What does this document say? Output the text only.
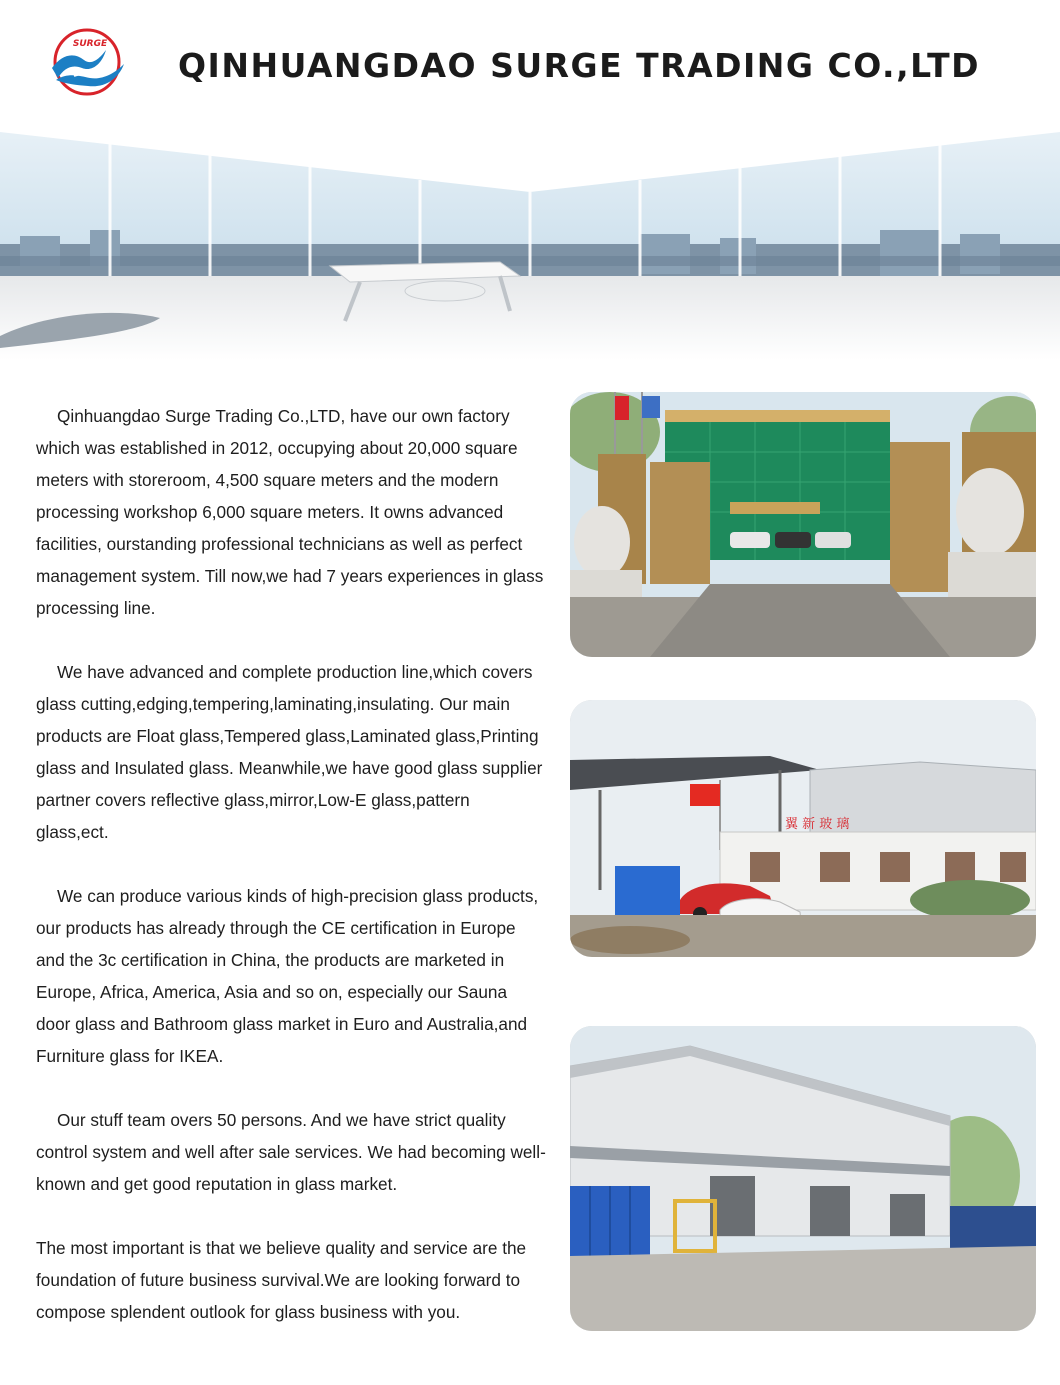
SURGE
QINHUANGDAO SURGE TRADING CO.,LTD

Qinhuangdao Surge Trading Co.,LTD, have our own factory which was established in 2012, occupying about 20,000 square meters with storeroom, 4,500 square meters and the modern processing workshop 6,000 square meters. It owns advanced facilities, ourstanding professional technicians as well as perfect management system. Till now,we had 7 years experiences in glass processing line.

We have advanced and complete production line,which covers glass cutting,edging,tempering,laminating,insulating. Our main products are Float glass,Tempered glass,Laminated glass,Printing glass and Insulated glass. Meanwhile,we have good glass supplier partner covers reflective glass,mirror,Low-E glass,pattern glass,ect.

We can produce various kinds of high-precision glass products, our products has already through the CE certification in Europe and the 3c certification in China, the products are marketed in Europe, Africa, America, Asia and so on, especially our Sauna door glass and Bathroom glass market in Euro and Australia,and Furniture glass for IKEA.

Our stuff team overs 50 persons. And we have strict quality control system and well after sale services. We had becoming well-known and get good reputation in glass market.

The most important is that we believe quality and service are the foundation of future business survival.We are looking forward to compose splendent outlook for glass business with you.

翼 新 玻 璃
